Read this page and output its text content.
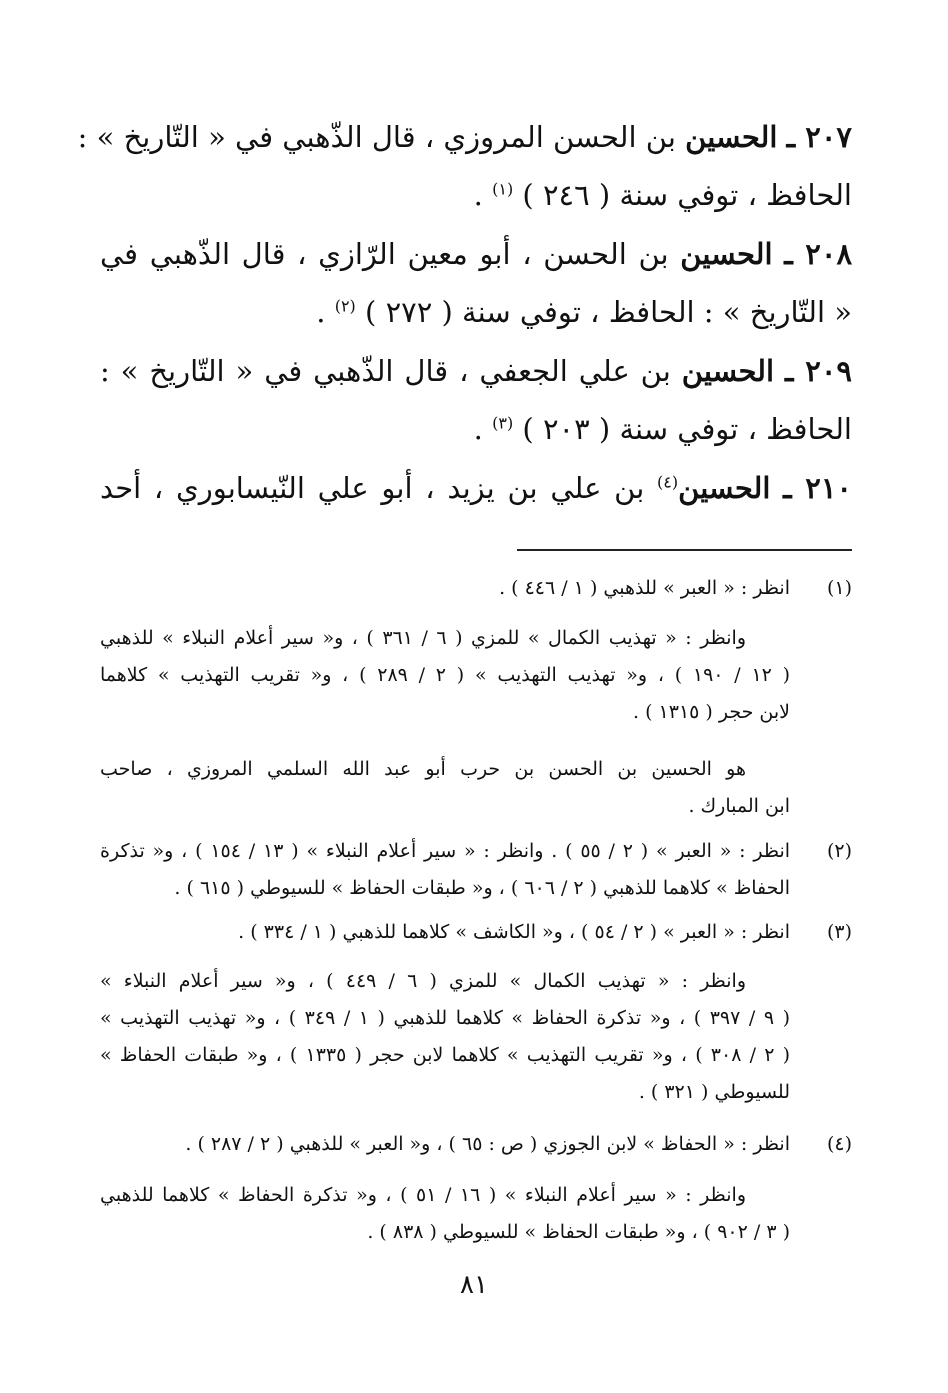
٢٠٧ ـ الحسين بن الحسن المروزي ، قال الذّهبي في « التّاريخ » :
الحافظ ، توفي سنة ( ٢٤٦ ) $^{(١)}$ .
٢٠٨ ـ الحسين بن الحسن ، أبو معين الرّازي ، قال الذّهبي في
« التّاريخ » : الحافظ ، توفي سنة ( ٢٧٢ ) $^{(٢)}$ .
٢٠٩ ـ الحسين بن علي الجعفي ، قال الذّهبي في « التّاريخ » :
الحافظ ، توفي سنة ( ٢٠٣ ) $^{(٣)}$ .
٢١٠ ـ الحسين$^{(٤)}$ بن علي بن يزيد ، أبو علي النّيسابوري ، أحد
(١)
انظر : « العبر » للذهبي ( ١ / ٤٤٦ ) .
وانظر : « تهذيب الكمال » للمزي ( ٦ / ٣٦١ ) ، و« سير أعلام النبلاء » للذهبي
( ١٢ / ١٩٠ ) ، و« تهذيب التهذيب » ( ٢ / ٢٨٩ ) ، و« تقريب التهذيب » كلاهما
لابن حجر ( ١٣١٥ ) .
هو الحسين بن الحسن بن حرب أبو عبد الله السلمي المروزي ، صاحب
ابن المبارك .
(٢)
انظر : « العبر » ( ٢ / ٥٥ ) . وانظر : « سير أعلام النبلاء » ( ١٣ / ١٥٤ ) ، و« تذكرة
الحفاظ » كلاهما للذهبي ( ٢ / ٦٠٦ ) ، و« طبقات الحفاظ » للسيوطي ( ٦١٥ ) .
(٣)
انظر : « العبر » ( ٢ / ٥٤ ) ، و« الكاشف » كلاهما للذهبي ( ١ / ٣٣٤ ) .
وانظر : « تهذيب الكمال » للمزي ( ٦ / ٤٤٩ ) ، و« سير أعلام النبلاء »
( ٩ / ٣٩٧ ) ، و« تذكرة الحفاظ » كلاهما للذهبي ( ١ / ٣٤٩ ) ، و« تهذيب التهذيب »
( ٢ / ٣٠٨ ) ، و« تقريب التهذيب » كلاهما لابن حجر ( ١٣٣٥ ) ، و« طبقات الحفاظ »
للسيوطي ( ٣٢١ ) .
(٤)
انظر : « الحفاظ » لابن الجوزي ( ص : ٦٥ ) ، و« العبر » للذهبي ( ٢ / ٢٨٧ ) .
وانظر : « سير أعلام النبلاء » ( ١٦ / ٥١ ) ، و« تذكرة الحفاظ » كلاهما للذهبي
( ٣ / ٩٠٢ ) ، و« طبقات الحفاظ » للسيوطي ( ٨٣٨ ) .
٨١
